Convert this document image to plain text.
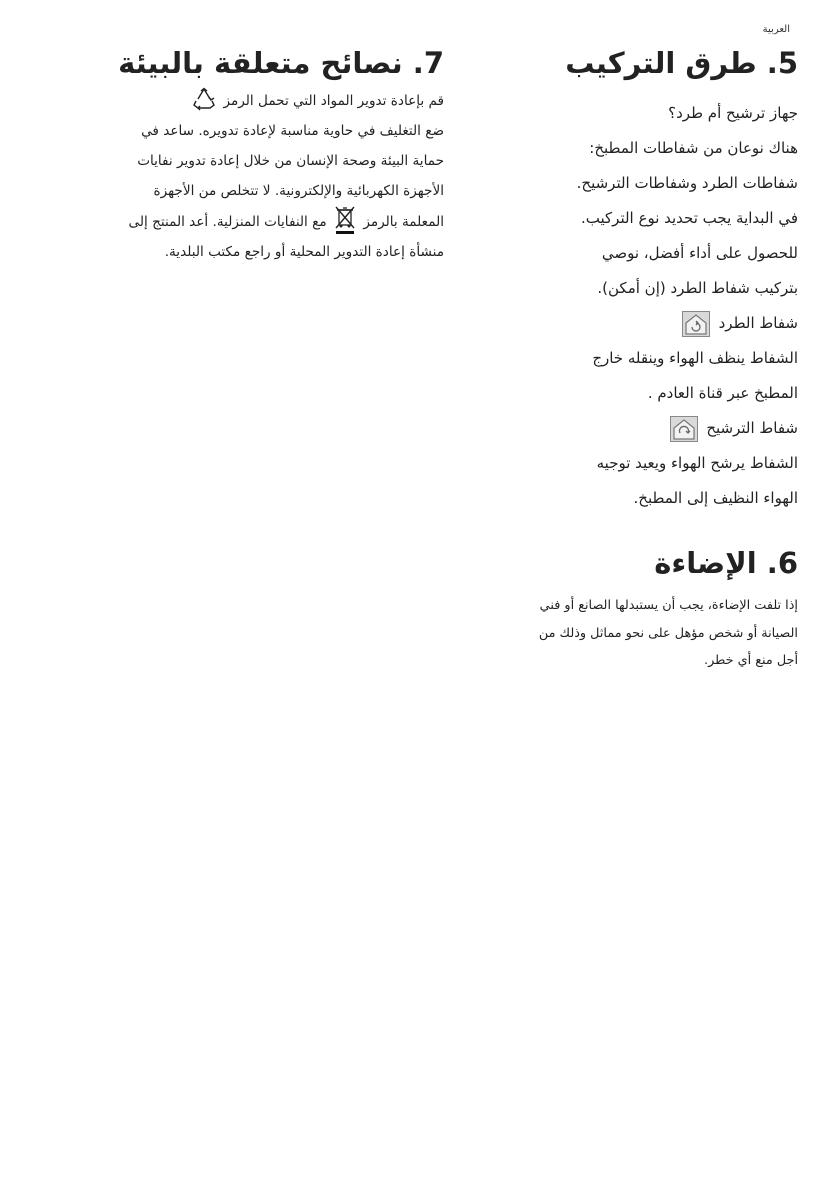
ﺍﻟﻌﺮﺑﻴﺔ
5. طرق التركيب

جهاز ترشيح أم طرد؟

هناك نوعان من شفاطات المطبخ:

شفاطات الطرد وشفاطات الترشيح.

في البداية يجب تحديد نوع التركيب.

للحصول على أداء أفضل، نوصي

بتركيب شفاط الطرد (إن أمكن).

شفاط الطرد

الشفاط ينظف الهواء وينقله خارج

المطبخ عبر قناة العادم .

شفاط الترشيح

الشفاط يرشح الهواء ويعيد توجيه

الهواء النظيف إلى المطبخ.

6. الإضاءة

إذا تلفت الإضاءة، يجب أن يستبدلها الصانع أو فني

الصيانة أو شخص مؤهل على نحو مماثل وذلك من

أجل منع أي خطر.

7. نصائح متعلقة بالبيئة

قم بإعادة تدوير المواد التي تحمل الرمز

ضع التغليف في حاوية مناسبة لإعادة تدويره. ساعد في

حماية البيئة وصحة الإنسان من خلال إعادة تدوير نفايات

الأجهزة الكهربائية والإلكترونية. لا تتخلص من الأجهزة

المعلمة بالرمز  مع النفايات المنزلية. أعد المنتج إلى

منشأة إعادة التدوير المحلية أو راجع مكتب البلدية.
